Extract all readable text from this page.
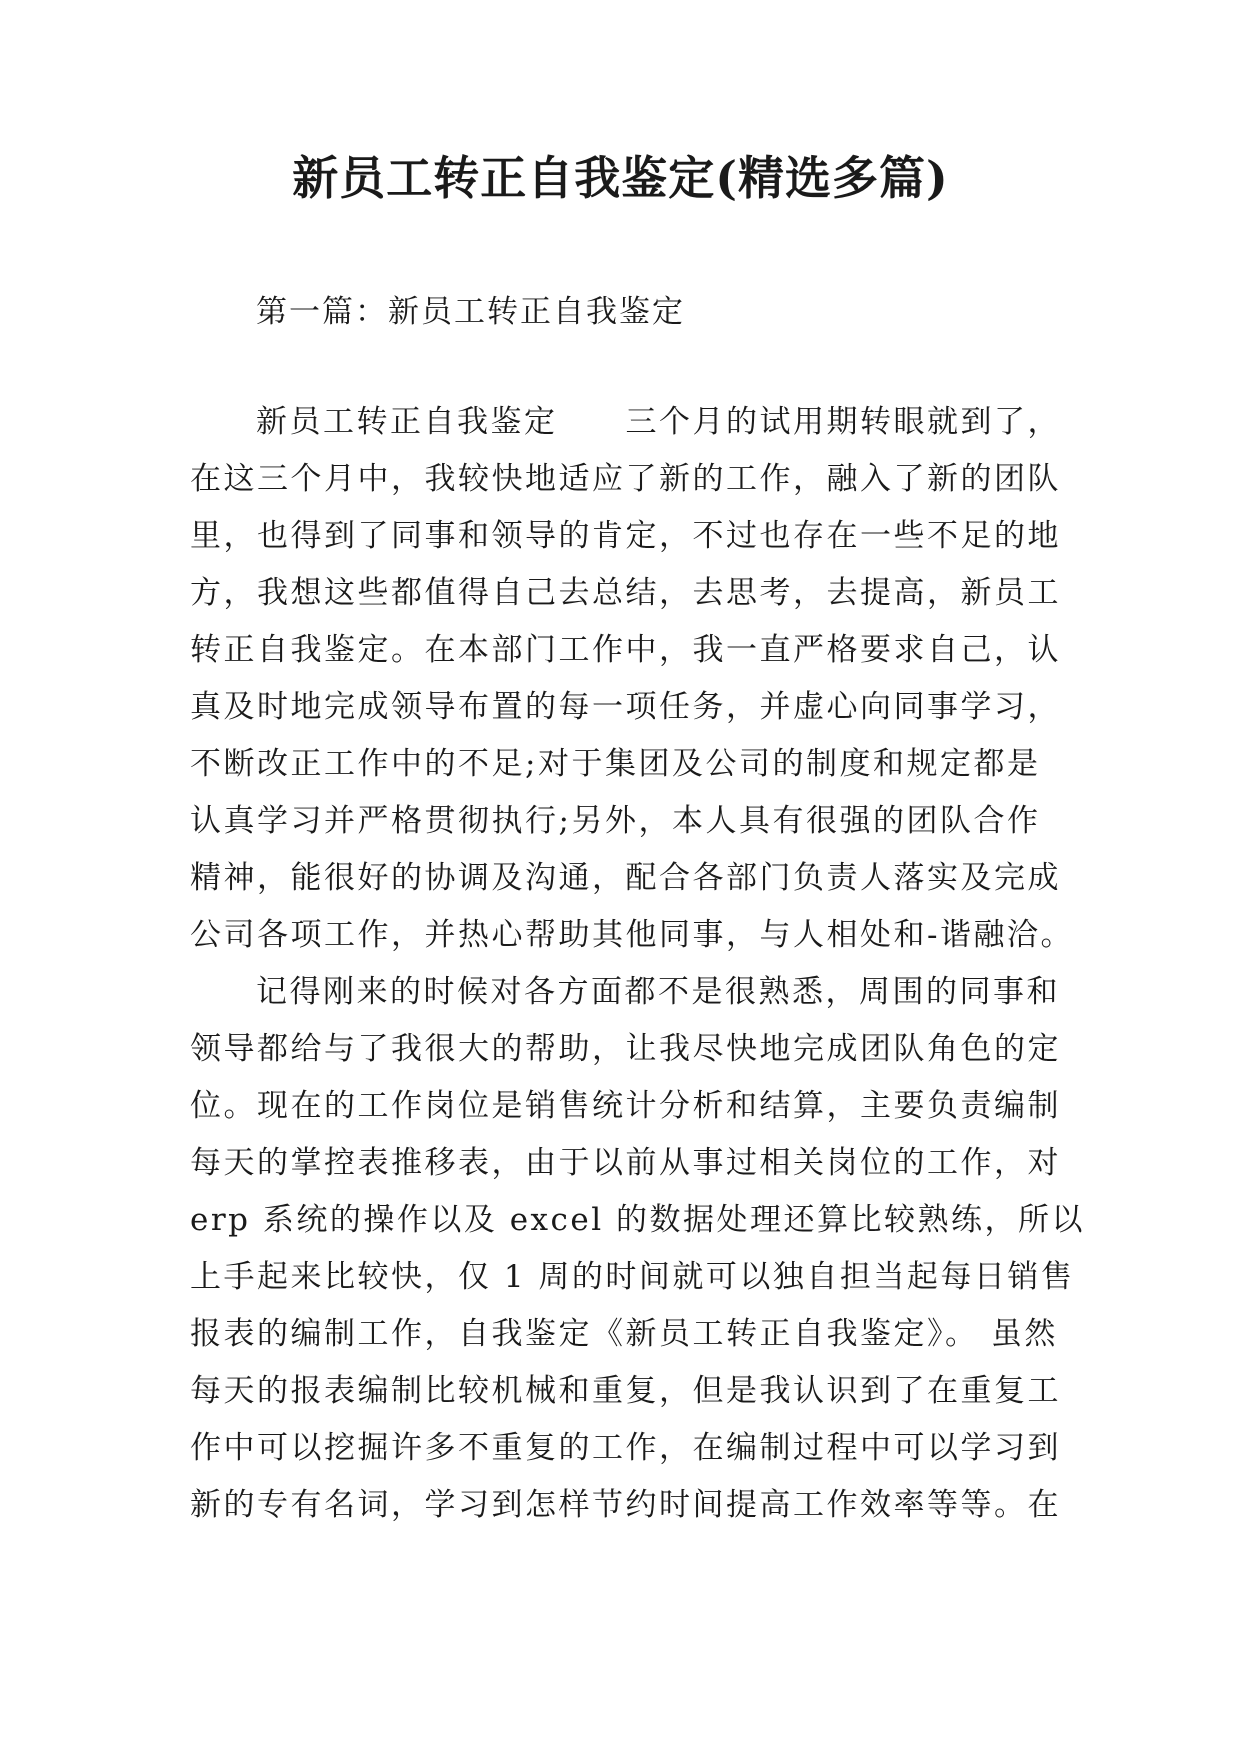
新员工转正自我鉴定(精选多篇)

第一篇：新员工转正自我鉴定

新员工转正自我鉴定 三个月的试用期转眼就到了，

在这三个月中，我较快地适应了新的工作，融入了新的团队

里，也得到了同事和领导的肯定，不过也存在一些不足的地

方，我想这些都值得自己去总结，去思考，去提高，新员工

转正自我鉴定。在本部门工作中，我一直严格要求自己，认

真及时地完成领导布置的每一项任务，并虚心向同事学习，

不断改正工作中的不足;对于集团及公司的制度和规定都是

认真学习并严格贯彻执行;另外，本人具有很强的团队合作

精神，能很好的协调及沟通，配合各部门负责人落实及完成

公司各项工作，并热心帮助其他同事，与人相处和-谐融洽。

记得刚来的时候对各方面都不是很熟悉，周围的同事和

领导都给与了我很大的帮助，让我尽快地完成团队角色的定

位。现在的工作岗位是销售统计分析和结算，主要负责编制

每天的掌控表推移表，由于以前从事过相关岗位的工作，对

erp 系统的操作以及 excel 的数据处理还算比较熟练，所以

上手起来比较快，仅 1 周的时间就可以独自担当起每日销售

报表的编制工作，自我鉴定《新员工转正自我鉴定》。 虽然

每天的报表编制比较机械和重复，但是我认识到了在重复工

作中可以挖掘许多不重复的工作，在编制过程中可以学习到

新的专有名词，学习到怎样节约时间提高工作效率等等。在
